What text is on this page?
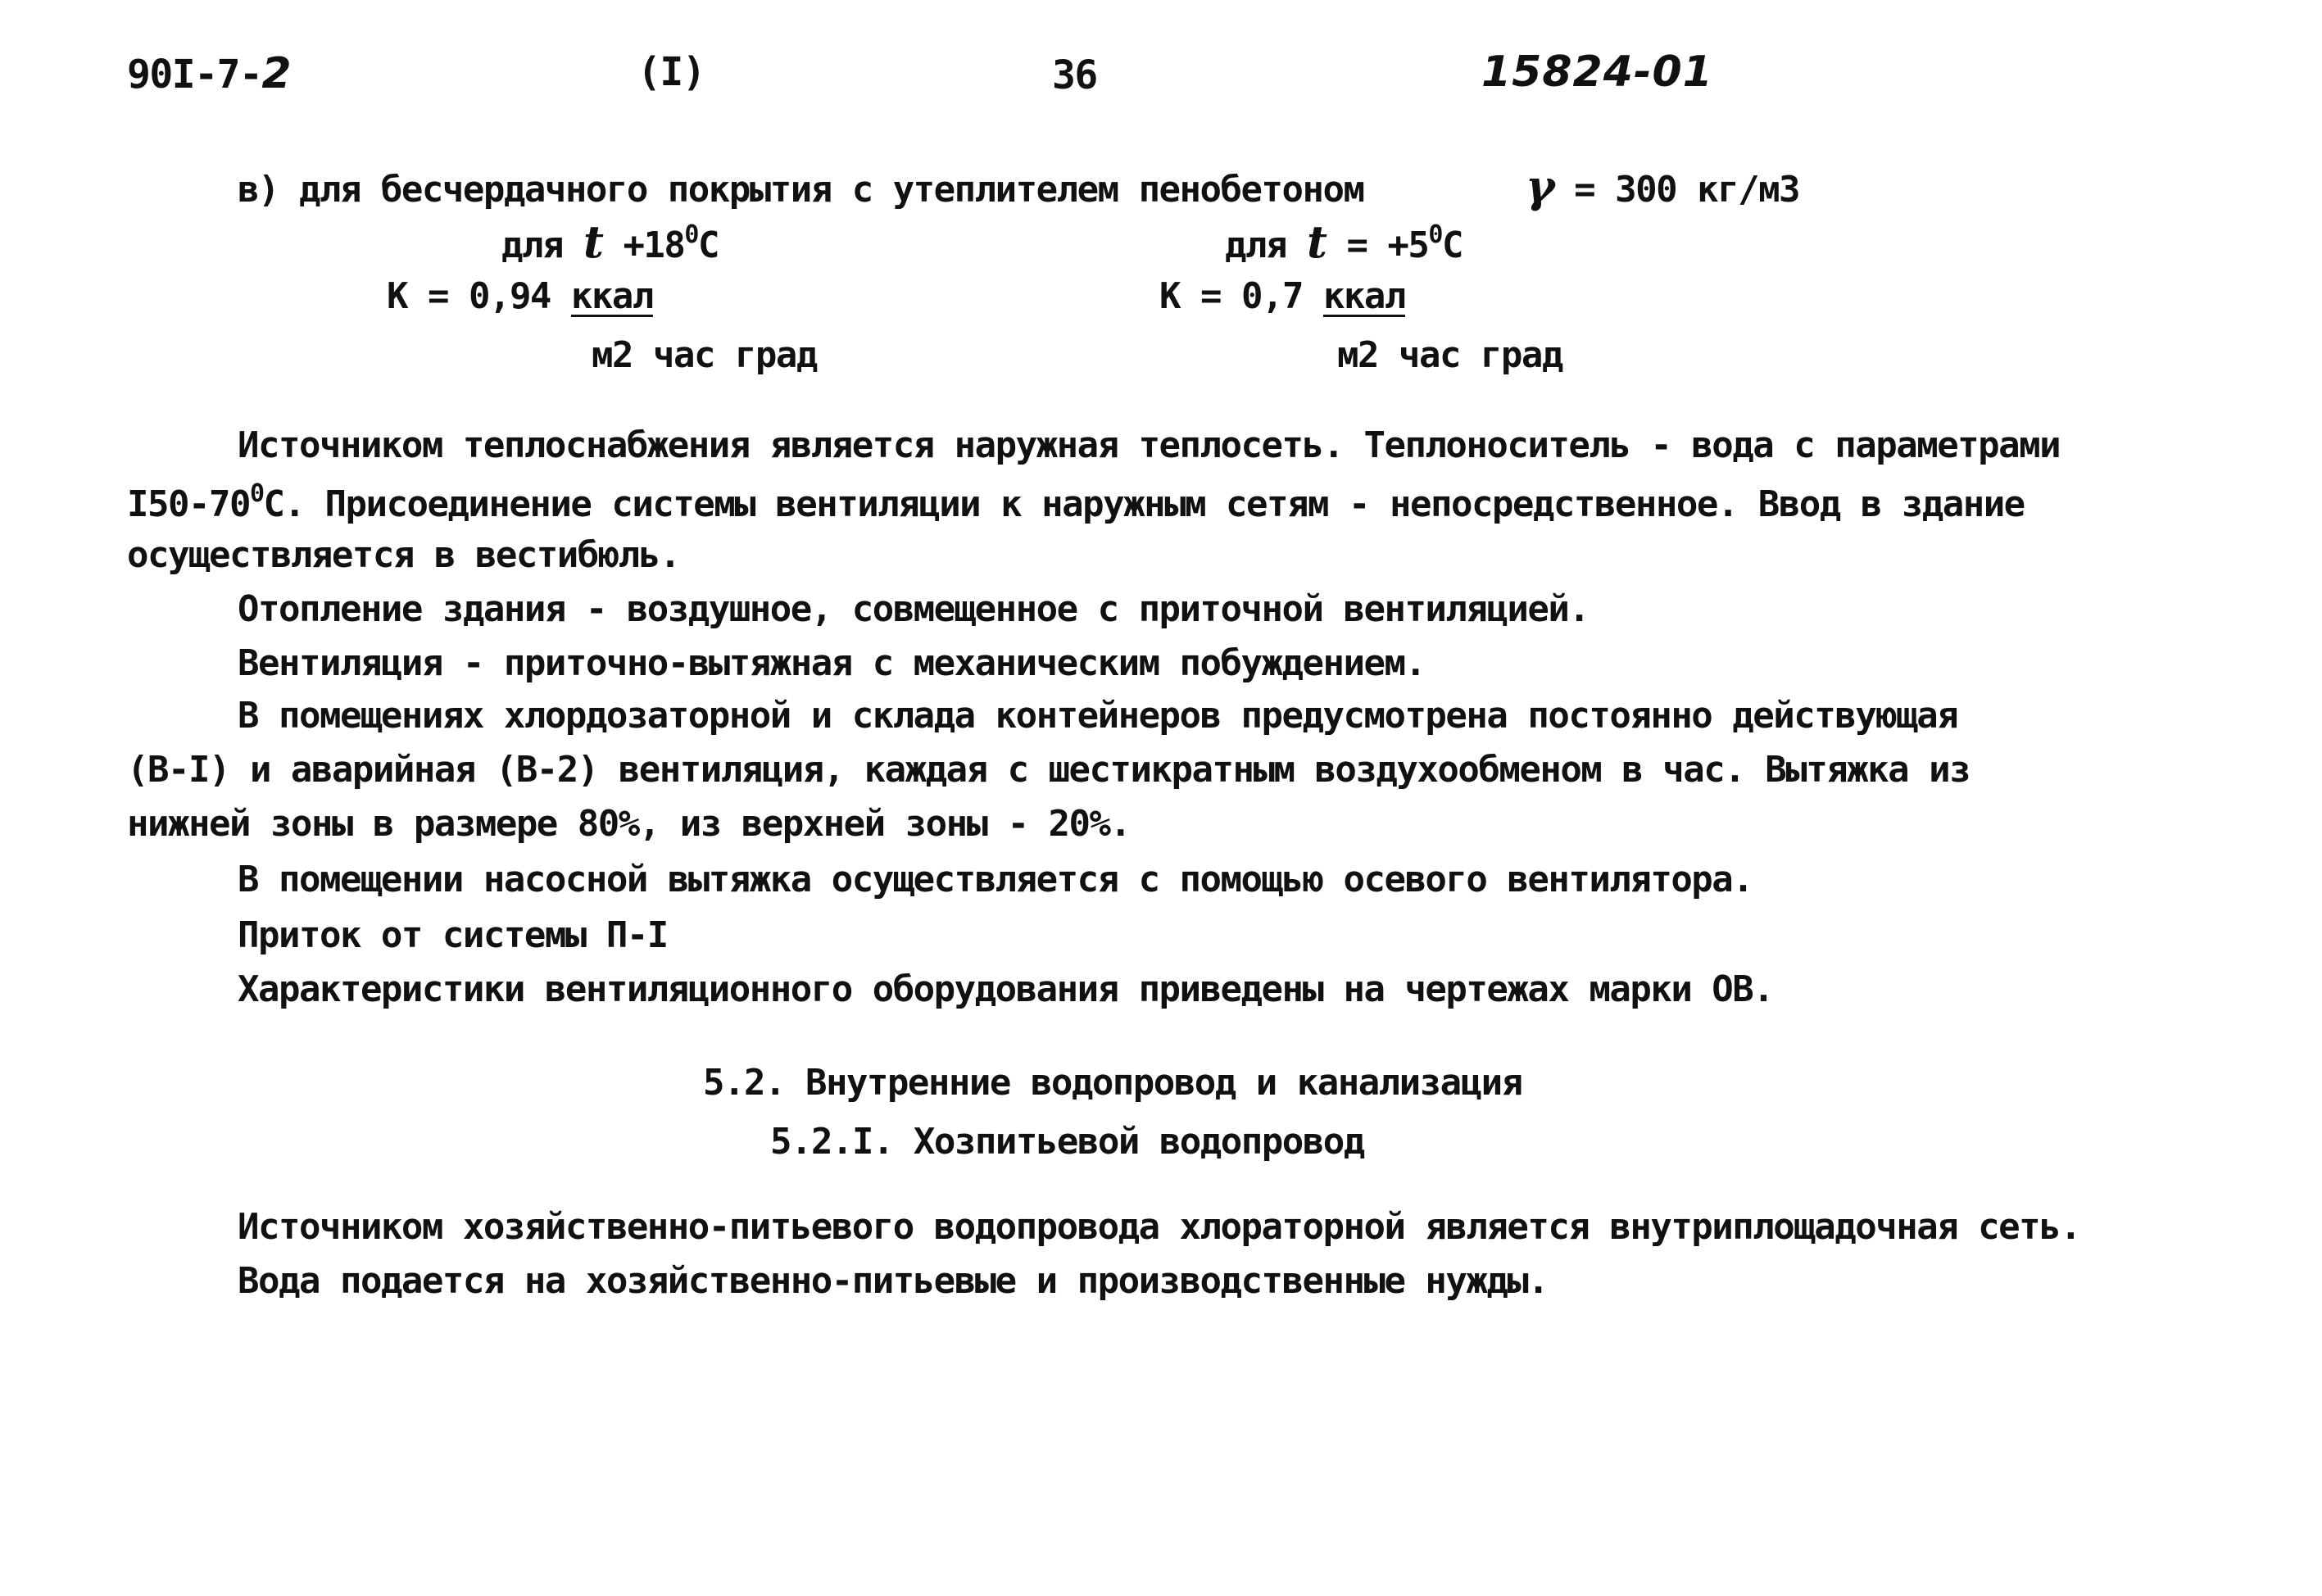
90I-7-2	(I)	36	15824-01
в) для бесчердачного покрытия с утеплителем пенобетоном	γ = 300 кг/м3
для $t +18^0С$	для $t = +5^0С$
К = 0,94 ккал	К = 0,7 ккал
м2 час град	м2 час град
Источником теплоснабжения является наружная теплосеть. Теплоноситель - вода с параметрами
$I50-70^0С$. Присоединение системы вентиляции к наружным сетям - непосредственное. Ввод в здание
осуществляется в вестибюль.
Отопление здания - воздушное, совмещенное с приточной вентиляцией.
Вентиляция - приточно-вытяжная с механическим побуждением.
В помещениях хлордозаторной и склада контейнеров предусмотрена постоянно действующая
(В-I) и аварийная (В-2) вентиляция, каждая с шестикратным воздухообменом в час. Вытяжка из
нижней зоны в размере 80%, из верхней зоны - 20%.
В помещении насосной вытяжка осуществляется с помощью осевого вентилятора.
Приток от системы П-I
Характеристики вентиляционного оборудования приведены на чертежах марки ОВ.
5.2. Внутренние водопровод и канализация
5.2.I. Хозпитьевой водопровод
Источником хозяйственно-питьевого водопровода хлораторной является внутриплощадочная сеть.
Вода подается на хозяйственно-питьевые и производственные нужды.
